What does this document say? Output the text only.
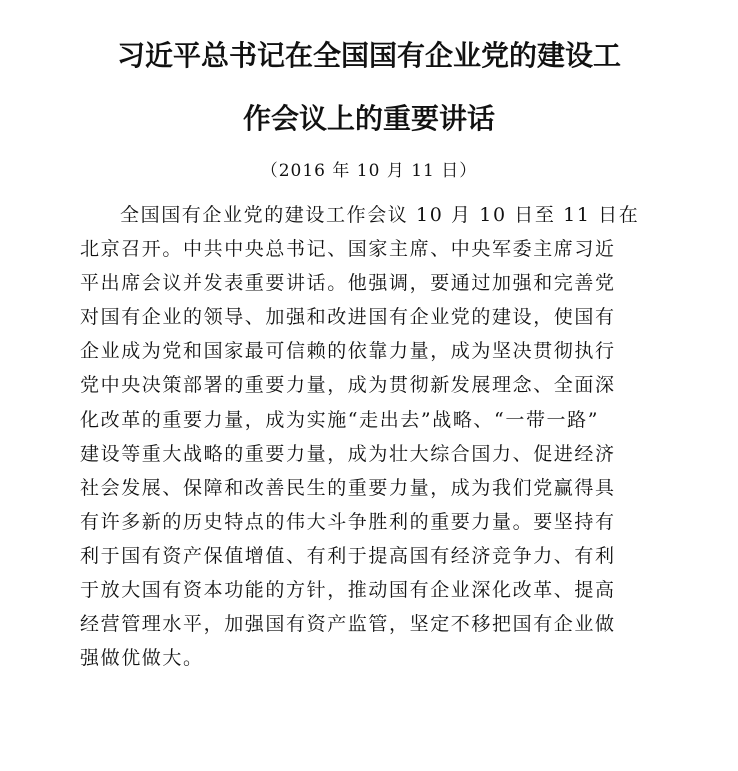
习近平总书记在全国国有企业党的建设工
作会议上的重要讲话
（2016 年 10 月 11 日）
全国国有企业党的建设工作会议 10 月 10 日至 11 日在
北京召开。中共中央总书记、国家主席、中央军委主席习近
平出席会议并发表重要讲话。他强调，要通过加强和完善党
对国有企业的领导、加强和改进国有企业党的建设，使国有
企业成为党和国家最可信赖的依靠力量，成为坚决贯彻执行
党中央决策部署的重要力量，成为贯彻新发展理念、全面深
化改革的重要力量，成为实施“走出去”战略、“一带一路”
建设等重大战略的重要力量，成为壮大综合国力、促进经济
社会发展、保障和改善民生的重要力量，成为我们党赢得具
有许多新的历史特点的伟大斗争胜利的重要力量。要坚持有
利于国有资产保值增值、有利于提高国有经济竞争力、有利
于放大国有资本功能的方针，推动国有企业深化改革、提高
经营管理水平，加强国有资产监管，坚定不移把国有企业做
强做优做大。
